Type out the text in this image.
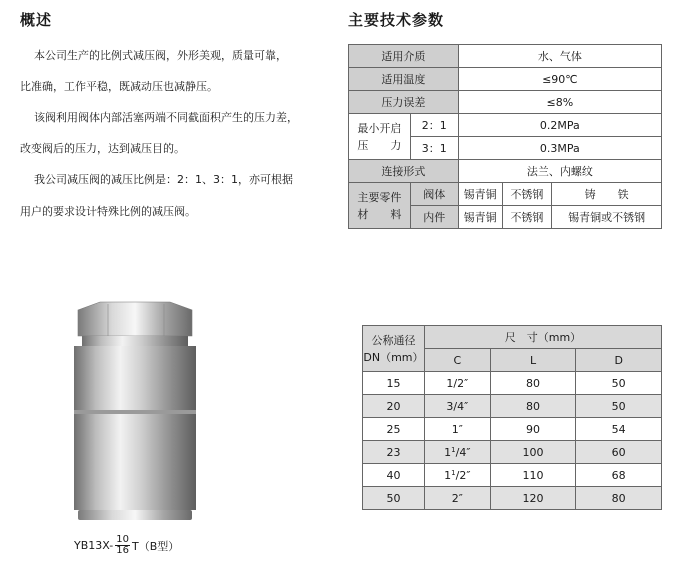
概述
本公司生产的比例式减压阀，外形美观，质量可靠，
比准确，工作平稳，既减动压也减静压。
该阀利用阀体内部活塞两端不同截面积产生的压力差，
改变阀后的压力，达到减压目的。
我公司减压阀的减压比例是：2：1、3：1，亦可根据
用户的要求设计特殊比例的减压阀。
主要技术参数
适用介质		水、气体		
适用温度		≤90℃		
压力误差		≤8%		

最小开启
压　　力	2：1	0.2MPa		
	3：1	0.3MPa		
连接形式		法兰、内螺纹		

主要零件
材　　料	阀体	锡青铜	不锈钢	铸　　铁
	内件	锡青铜	不锈钢	锡青铜或不锈钢
$YB13X- \frac{10}{16} T(B$型）
公称通径
DN（mm）	尺　寸（mm）		
	C	L	D
15	1/2″	80	50
20	3/4″	80	50
25	1″	90	54
23	$1^1/4''$	100	60
40	$1^1/2''$	110	68
50	2″	120	80
